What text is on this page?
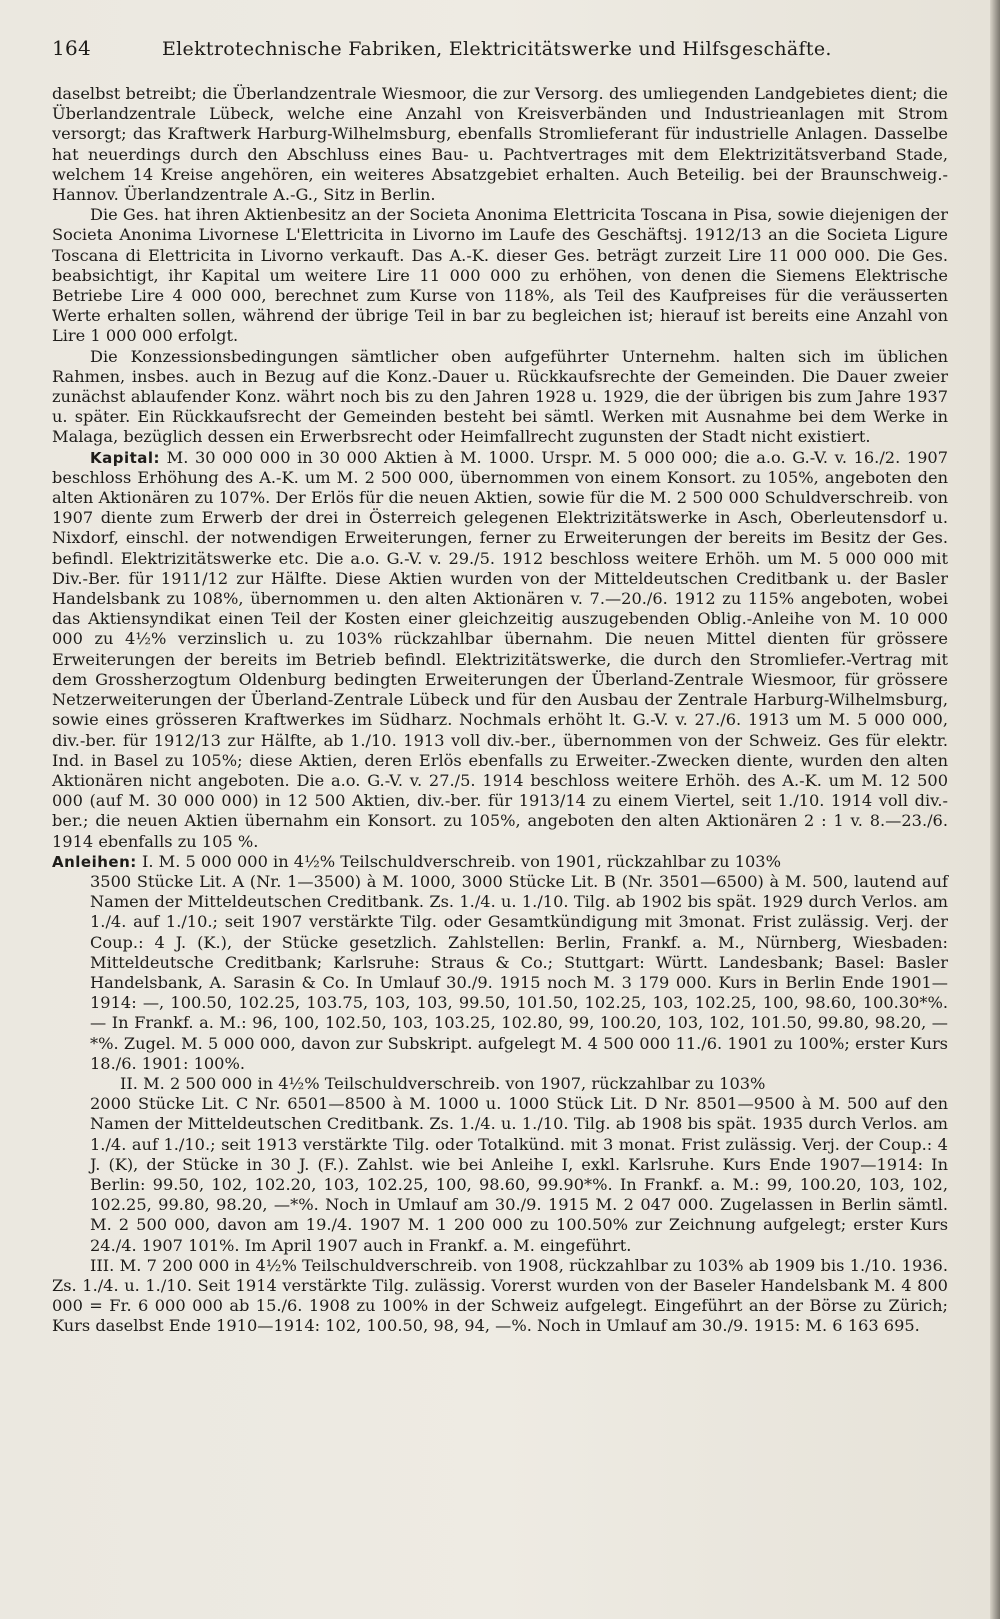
164	Elektrotechnische Fabriken, Elektricitätswerke und Hilfsgeschäfte.

daselbst betreibt; die Überlandzentrale Wiesmoor, die zur Versorg. des umliegenden Landgebietes dient; die Überlandzentrale Lübeck, welche eine Anzahl von Kreisverbänden und Industrieanlagen mit Strom versorgt; das Kraftwerk Harburg-Wilhelmsburg, ebenfalls Stromlieferant für industrielle Anlagen. Dasselbe hat neuerdings durch den Abschluss eines Bau- u. Pachtvertrages mit dem Elektrizitätsverband Stade, welchem 14 Kreise angehören, ein weiteres Absatzgebiet erhalten. Auch Beteilig. bei der Braunschweig.-Hannov. Überlandzentrale A.-G., Sitz in Berlin.

Die Ges. hat ihren Aktienbesitz an der Societa Anonima Elettricita Toscana in Pisa, sowie diejenigen der Societa Anonima Livornese L'Elettricita in Livorno im Laufe des Geschäftsj. 1912/13 an die Societa Ligure Toscana di Elettricita in Livorno verkauft. Das A.-K. dieser Ges. beträgt zurzeit Lire 11 000 000. Die Ges. beabsichtigt, ihr Kapital um weitere Lire 11 000 000 zu erhöhen, von denen die Siemens Elektrische Betriebe Lire 4 000 000, berechnet zum Kurse von 118%, als Teil des Kaufpreises für die veräusserten Werte erhalten sollen, während der übrige Teil in bar zu begleichen ist; hierauf ist bereits eine Anzahl von Lire 1 000 000 erfolgt.

Die Konzessionsbedingungen sämtlicher oben aufgeführter Unternehm. halten sich im üblichen Rahmen, insbes. auch in Bezug auf die Konz.-Dauer u. Rückkaufsrechte der Gemeinden. Die Dauer zweier zunächst ablaufender Konz. währt noch bis zu den Jahren 1928 u. 1929, die der übrigen bis zum Jahre 1937 u. später. Ein Rückkaufsrecht der Gemeinden besteht bei sämtl. Werken mit Ausnahme bei dem Werke in Malaga, bezüglich dessen ein Erwerbsrecht oder Heimfallrecht zugunsten der Stadt nicht existiert.

Kapital: M. 30 000 000 in 30 000 Aktien à M. 1000. Urspr. M. 5 000 000; die a.o. G.-V. v. 16./2. 1907 beschloss Erhöhung des A.-K. um M. 2 500 000, übernommen von einem Konsort. zu 105%, angeboten den alten Aktionären zu 107%. Der Erlös für die neuen Aktien, sowie für die M. 2 500 000 Schuldverschreib. von 1907 diente zum Erwerb der drei in Österreich gelegenen Elektrizitätswerke in Asch, Oberleutensdorf u. Nixdorf, einschl. der notwendigen Erweiterungen, ferner zu Erweiterungen der bereits im Besitz der Ges. befindl. Elektrizitätswerke etc. Die a.o. G.-V. v. 29./5. 1912 beschloss weitere Erhöh. um M. 5 000 000 mit Div.-Ber. für 1911/12 zur Hälfte. Diese Aktien wurden von der Mitteldeutschen Creditbank u. der Basler Handelsbank zu 108%, übernommen u. den alten Aktionären v. 7.—20./6. 1912 zu 115% angeboten, wobei das Aktiensyndikat einen Teil der Kosten einer gleichzeitig auszugebenden Oblig.-Anleihe von M. 10 000 000 zu 4½% verzinslich u. zu 103% rückzahlbar übernahm. Die neuen Mittel dienten für grössere Erweiterungen der bereits im Betrieb befindl. Elektrizitätswerke, die durch den Stromliefer.-Vertrag mit dem Grossherzogtum Oldenburg bedingten Erweiterungen der Überland-Zentrale Wiesmoor, für grössere Netzerweiterungen der Überland-Zentrale Lübeck und für den Ausbau der Zentrale Harburg-Wilhelmsburg, sowie eines grösseren Kraftwerkes im Südharz. Nochmals erhöht lt. G.-V. v. 27./6. 1913 um M. 5 000 000, div.-ber. für 1912/13 zur Hälfte, ab 1./10. 1913 voll div.-ber., übernommen von der Schweiz. Ges für elektr. Ind. in Basel zu 105%; diese Aktien, deren Erlös ebenfalls zu Erweiter.-Zwecken diente, wurden den alten Aktionären nicht angeboten. Die a.o. G.-V. v. 27./5. 1914 beschloss weitere Erhöh. des A.-K. um M. 12 500 000 (auf M. 30 000 000) in 12 500 Aktien, div.-ber. für 1913/14 zu einem Viertel, seit 1./10. 1914 voll div.-ber.; die neuen Aktien übernahm ein Konsort. zu 105%, angeboten den alten Aktionären 2 : 1 v. 8.—23./6. 1914 ebenfalls zu 105 %.

Anleihen: I. M. 5 000 000 in 4½% Teilschuldverschreib. von 1901, rückzahlbar zu 103%

3500 Stücke Lit. A (Nr. 1—3500) à M. 1000, 3000 Stücke Lit. B (Nr. 3501—6500) à M. 500, lautend auf Namen der Mitteldeutschen Creditbank. Zs. 1./4. u. 1./10. Tilg. ab 1902 bis spät. 1929 durch Verlos. am 1./4. auf 1./10.; seit 1907 verstärkte Tilg. oder Gesamtkündigung mit 3monat. Frist zulässig. Verj. der Coup.: 4 J. (K.), der Stücke gesetzlich. Zahlstellen: Berlin, Frankf. a. M., Nürnberg, Wiesbaden: Mitteldeutsche Creditbank; Karlsruhe: Straus & Co.; Stuttgart: Württ. Landesbank; Basel: Basler Handelsbank, A. Sarasin & Co. In Umlauf 30./9. 1915 noch M. 3 179 000. Kurs in Berlin Ende 1901—1914: —, 100.50, 102.25, 103.75, 103, 103, 99.50, 101.50, 102.25, 103, 102.25, 100, 98.60, 100.30*%. — In Frankf. a. M.: 96, 100, 102.50, 103, 103.25, 102.80, 99, 100.20, 103, 102, 101.50, 99.80, 98.20, —*%. Zugel. M. 5 000 000, davon zur Subskript. aufgelegt M. 4 500 000 11./6. 1901 zu 100%; erster Kurs 18./6. 1901: 100%.

II. M. 2 500 000 in 4½% Teilschuldverschreib. von 1907, rückzahlbar zu 103%

2000 Stücke Lit. C Nr. 6501—8500 à M. 1000 u. 1000 Stück Lit. D Nr. 8501—9500 à M. 500 auf den Namen der Mitteldeutschen Creditbank. Zs. 1./4. u. 1./10. Tilg. ab 1908 bis spät. 1935 durch Verlos. am 1./4. auf 1./10.; seit 1913 verstärkte Tilg. oder Totalkünd. mit 3 monat. Frist zulässig. Verj. der Coup.: 4 J. (K), der Stücke in 30 J. (F.). Zahlst. wie bei Anleihe I, exkl. Karlsruhe. Kurs Ende 1907—1914: In Berlin: 99.50, 102, 102.20, 103, 102.25, 100, 98.60, 99.90*%. In Frankf. a. M.: 99, 100.20, 103, 102, 102.25, 99.80, 98.20, —*%. Noch in Umlauf am 30./9. 1915 M. 2 047 000. Zugelassen in Berlin sämtl. M. 2 500 000, davon am 19./4. 1907 M. 1 200 000 zu 100.50% zur Zeichnung aufgelegt; erster Kurs 24./4. 1907 101%. Im April 1907 auch in Frankf. a. M. eingeführt.

III. M. 7 200 000 in 4½% Teilschuldverschreib. von 1908, rückzahlbar zu 103% ab 1909 bis 1./10. 1936. Zs. 1./4. u. 1./10. Seit 1914 verstärkte Tilg. zulässig. Vorerst wurden von der Baseler Handelsbank M. 4 800 000 = Fr. 6 000 000 ab 15./6. 1908 zu 100% in der Schweiz aufgelegt. Eingeführt an der Börse zu Zürich; Kurs daselbst Ende 1910—1914: 102, 100.50, 98, 94, —%. Noch in Umlauf am 30./9. 1915: M. 6 163 695.
